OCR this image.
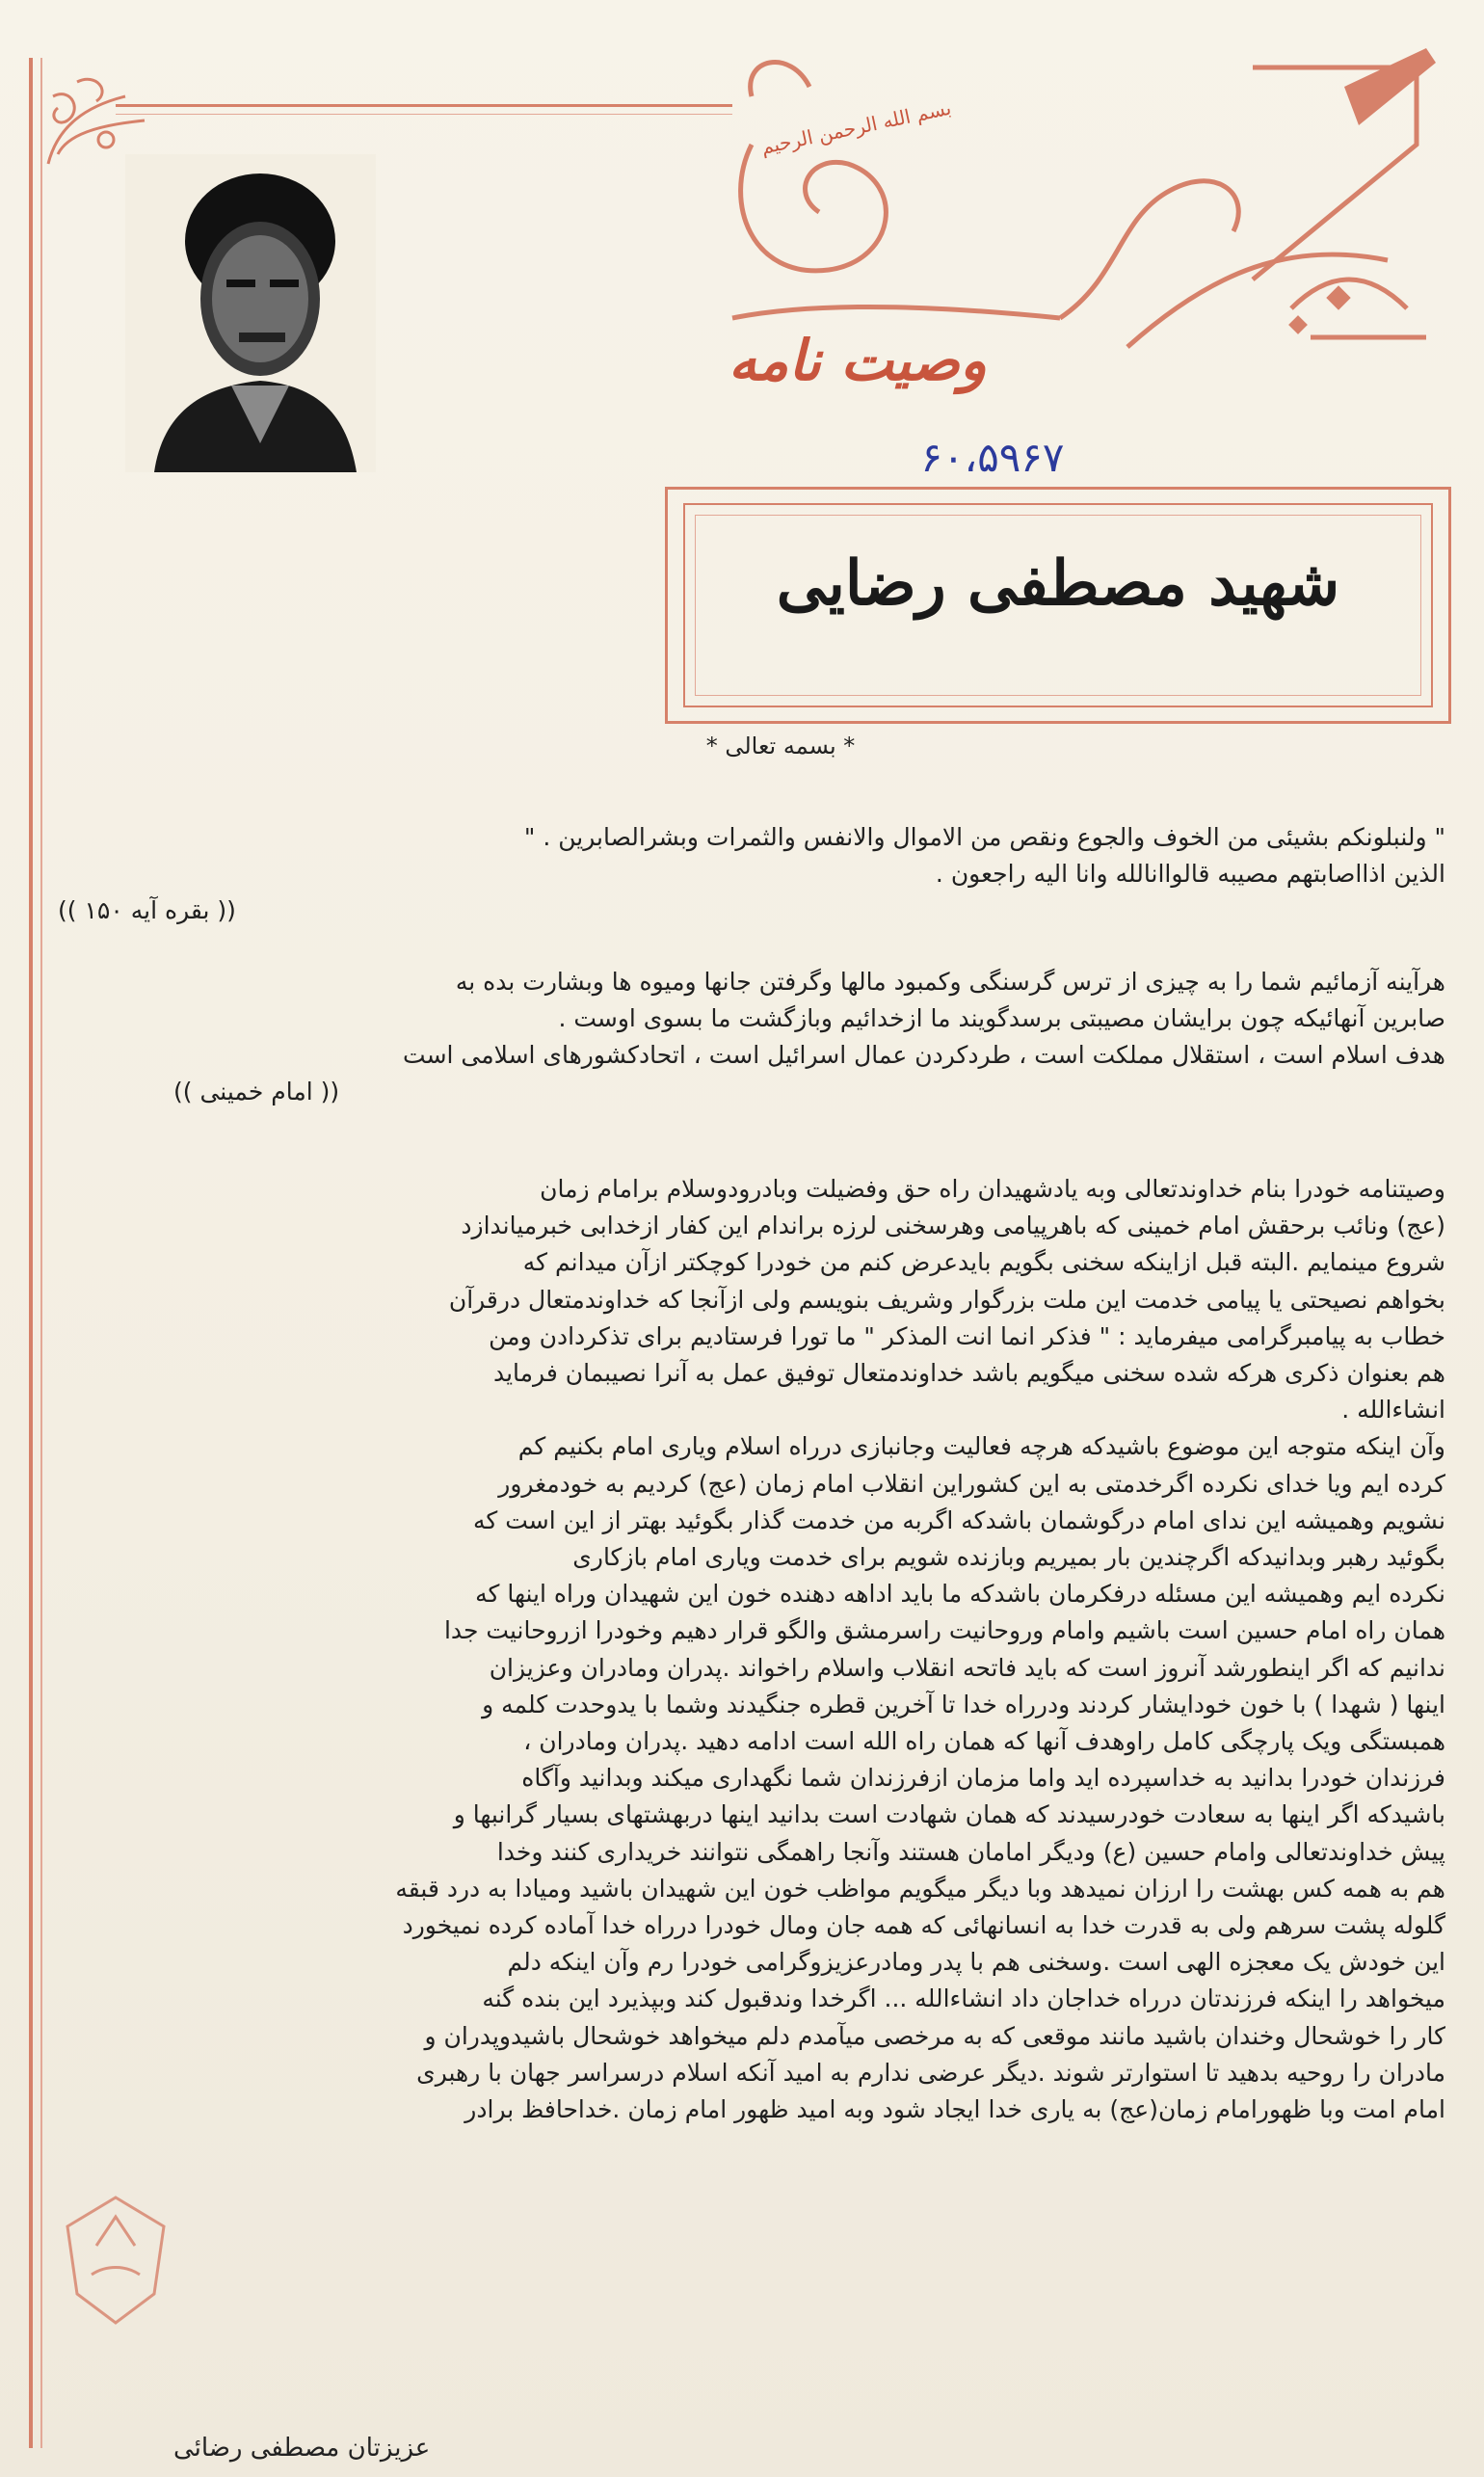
بسم الله الرحمن الرحیم
وصیت نامه
۶۰،۵۹۶۷
شهید مصطفی رضایی
* بسمه تعالی *

" ولنبلونکم بشیئی من الخوف والجوع ونقص من الاموال والانفس والثمرات وبشرالصابرین . "

الذین اذااصابتهم مصیبه قالواانالله وانا الیه راجعون .

(( بقره آیه ۱۵۰ ))

هرآینه آزمائیم شما را به چیزی از ترس گرسنگی وکمبود مالها وگرفتن جانها ومیوه ها وبشارت بده به

صابرین آنهائیکه چون برایشان مصیبتی برسدگویند ما ازخدائیم وبازگشت ما بسوی اوست .

هدف اسلام است ، استقلال مملکت است ، طردکردن عمال اسرائیل است ، اتحادکشورهای اسلامی است

(( امام خمینی ))

وصیتنامه خودرا بنام خداوندتعالی وبه یادشهیدان راه حق وفضیلت وبادرودوسلام برامام زمان

(عج) ونائب برحقش امام خمینی که باهرپیامی وهرسخنی لرزه براندام این کفار ازخدابی خبرمیاندازد

شروع مینمایم .البته قبل ازاینکه سخنی بگویم بایدعرض کنم من خودرا کوچکتر ازآن میدانم که

بخواهم نصیحتی یا پیامی خدمت این ملت بزرگوار وشریف بنویسم ولی ازآنجا که خداوندمتعال درقرآن

خطاب به پیامبرگرامی میفرماید : " فذکر انما انت المذکر " ما تورا فرستادیم برای تذکردادن ومن

هم بعنوان ذکری هرکه شده سخنی میگویم باشد خداوندمتعال توفیق عمل به آنرا نصیبمان فرماید

انشاءالله .

وآن اینکه متوجه این موضوع باشیدکه هرچه فعالیت وجانبازی درراه اسلام ویاری امام بکنیم کم

کرده ایم ویا خدای نکرده اگرخدمتی به این کشوراین انقلاب امام زمان (عج) کردیم به خودمغرور

نشویم وهمیشه این ندای امام درگوشمان باشدکه اگربه من خدمت گذار بگوئید بهتر از این است که

بگوئید رهبر وبدانیدکه اگرچندین بار بمیریم وبازنده شویم برای خدمت ویاری امام بازکاری

نکرده ایم وهمیشه این مسئله درفکرمان باشدکه ما باید اداهه دهنده خون این شهیدان وراه اینها که

همان راه امام حسین است باشیم وامام وروحانیت راسرمشق والگو قرار دهیم وخودرا ازروحانیت جدا

ندانیم که اگر اینطورشد آنروز است که باید فاتحه انقلاب واسلام راخواند .پدران ومادران وعزیزان

اینها ( شهدا ) با خون خودایشار کردند ودرراه خدا تا آخرین قطره جنگیدند وشما با یدوحدت کلمه و

همبستگی ویک پارچگی کامل راوهدف آنها که همان راه الله است ادامه دهید .پدران ومادران ،

فرزندان خودرا بدانید به خداسپرده اید واما مزمان ازفرزندان شما نگهداری میکند وبدانید وآگاه

باشیدکه اگر اینها به سعادت خودرسیدند که همان شهادت است بدانید اینها دربهشتهای بسیار گرانبها و

پیش خداوندتعالی وامام حسین (ع) ودیگر امامان هستند وآنجا راهمگی نتوانند خریداری کنند وخدا

هم به همه کس بهشت را ارزان نمیدهد وبا دیگر میگویم مواظب خون این شهیدان باشید ومیادا به درد قبقه

گلوله پشت سرهم ولی به قدرت خدا به انسانهائی که همه جان ومال خودرا درراه خدا آماده کرده نمیخورد

این خودش یک معجزه الهی است .وسخنی هم با پدر ومادرعزیزوگرامی خودرا رم وآن اینکه دلم

میخواهد را اینکه فرزندتان درراه خداجان داد انشاءالله ... اگرخدا وندقبول کند وبپذیرد این بنده گنه

کار را خوشحال وخندان باشید مانند موقعی که به مرخصی میآمدم دلم میخواهد خوشحال باشیدوپدران و

مادران را روحیه بدهید تا استوارتر شوند .دیگر عرضی ندارم به امید آنکه اسلام درسراسر جهان با رهبری

امام امت وبا ظهورامام زمان(عج) به یاری خدا ایجاد شود وبه امید ظهور امام زمان .خداحافظ برادر

عزیزتان مصطفی رضائی
